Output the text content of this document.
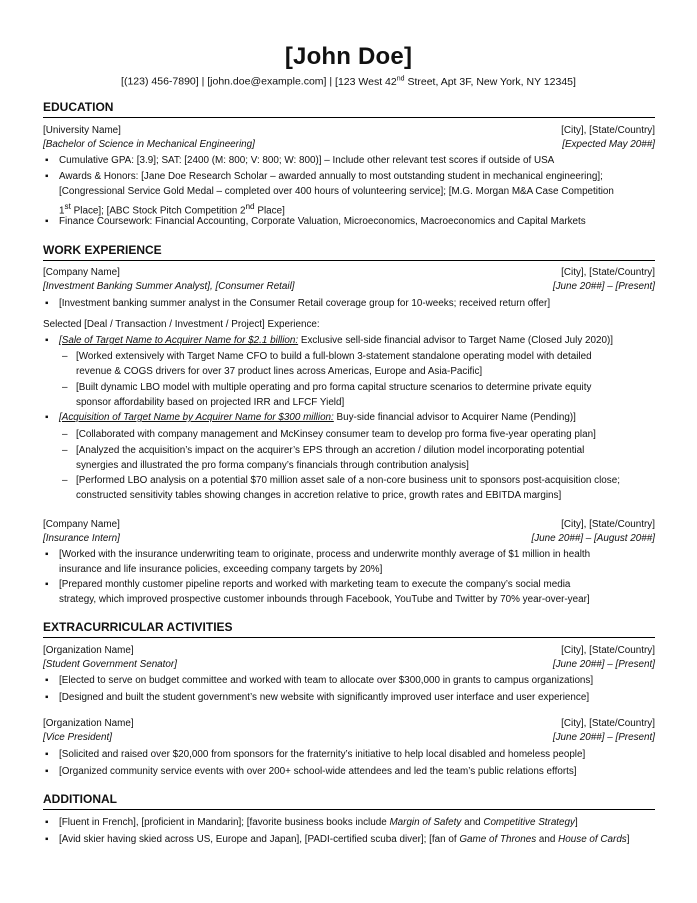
[John Doe]
[(123) 456-7890] | [john.doe@example.com] | [123 West 42nd Street, Apt 3F, New York, NY 12345]
EDUCATION
[University Name]	[City], [State/Country]
[Bachelor of Science in Mechanical Engineering]	[Expected May 20##]
▪ Cumulative GPA: [3.9]; SAT: [2400 (M: 800; V: 800; W: 800)] – Include other relevant test scores if outside of USA
▪ Awards & Honors: [Jane Doe Research Scholar – awarded annually to most outstanding student in mechanical engineering];
[Congressional Service Gold Medal – completed over 400 hours of volunteering service]; [M.G. Morgan M&A Case Competition
1st Place]; [ABC Stock Pitch Competition 2nd Place]
▪ Finance Coursework: Financial Accounting, Corporate Valuation, Microeconomics, Macroeconomics and Capital Markets
WORK EXPERIENCE
[Company Name]	[City], [State/Country]
[Investment Banking Summer Analyst], [Consumer Retail]	[June 20##] – [Present]
▪ [Investment banking summer analyst in the Consumer Retail coverage group for 10-weeks; received return offer]
Selected [Deal / Transaction / Investment / Project] Experience:
▪ [Sale of Target Name to Acquirer Name for $2.1 billion: Exclusive sell-side financial advisor to Target Name (Closed July 2020)]
– [Worked extensively with Target Name CFO to build a full-blown 3-statement standalone operating model with detailed
revenue & COGS drivers for over 37 product lines across Americas, Europe and Asia-Pacific]
– [Built dynamic LBO model with multiple operating and pro forma capital structure scenarios to determine private equity
sponsor affordability based on projected IRR and LFCF Yield]
▪ [Acquisition of Target Name by Acquirer Name for $300 million: Buy-side financial advisor to Acquirer Name (Pending)]
– [Collaborated with company management and McKinsey consumer team to develop pro forma five-year operating plan]
– [Analyzed the acquisition’s impact on the acquirer’s EPS through an accretion / dilution model incorporating potential
synergies and illustrated the pro forma company’s financials through contribution analysis]
– [Performed LBO analysis on a potential $70 million asset sale of a non-core business unit to sponsors post-acquisition close;
constructed sensitivity tables showing changes in accretion relative to price, growth rates and EBITDA margins]
[Company Name]	[City], [State/Country]
[Insurance Intern]	[June 20##] – [August 20##]
▪ [Worked with the insurance underwriting team to originate, process and underwrite monthly average of $1 million in health
insurance and life insurance policies, exceeding company targets by 20%]
▪ [Prepared monthly customer pipeline reports and worked with marketing team to execute the company’s social media
strategy, which improved prospective customer inbounds through Facebook, YouTube and Twitter by 70% year-over-year]
EXTRACURRICULAR ACTIVITIES
[Organization Name]	[City], [State/Country]
[Student Government Senator]	[June 20##] – [Present]
▪ [Elected to serve on budget committee and worked with team to allocate over $300,000 in grants to campus organizations]
▪ [Designed and built the student government’s new website with significantly improved user interface and user experience]
[Organization Name]	[City], [State/Country]
[Vice President]	[June 20##] – [Present]
▪ [Solicited and raised over $20,000 from sponsors for the fraternity’s initiative to help local disabled and homeless people]
▪ [Organized community service events with over 200+ school-wide attendees and led the team’s public relations efforts]
ADDITIONAL
▪ [Fluent in French], [proficient in Mandarin]; [favorite business books include Margin of Safety and Competitive Strategy]
▪ [Avid skier having skied across US, Europe and Japan], [PADI-certified scuba diver]; [fan of Game of Thrones and House of Cards]
